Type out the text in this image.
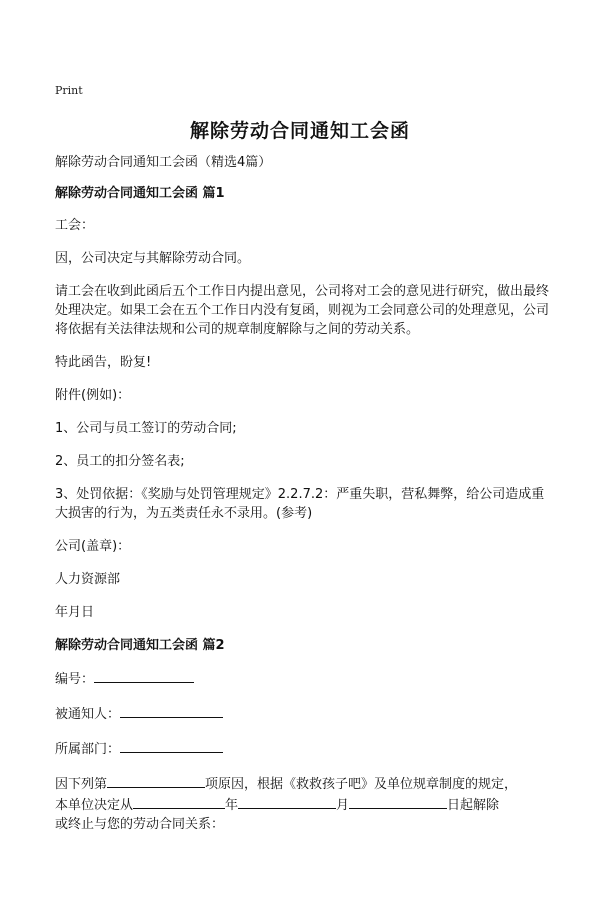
Print
解除劳动合同通知工会函

解除劳动合同通知工会函（精选4篇）

解除劳动合同通知工会函 篇1

工会：

因，公司决定与其解除劳动合同。

请工会在收到此函后五个工作日内提出意见，公司将对工会的意见进行研究，做出最终处理决定。如果工会在五个工作日内没有复函，则视为工会同意公司的处理意见，公司将依据有关法律法规和公司的规章制度解除与之间的劳动关系。

特此函告，盼复!

附件(例如)：

1、公司与员工签订的劳动合同;

2、员工的扣分签名表;

3、处罚依据：《奖励与处罚管理规定》2.2.7.2：严重失职，营私舞弊，给公司造成重大损害的行为，为五类责任永不录用。(参考)

公司(盖章)：

人力资源部

年月日

解除劳动合同通知工会函 篇2

编号：

被通知人：

所属部门：

因下列第	项原因，根据《救救孩子吧》及单位规章制度的规定，
本单位决定从	年	月	日起解除
或终止与您的劳动合同关系：
